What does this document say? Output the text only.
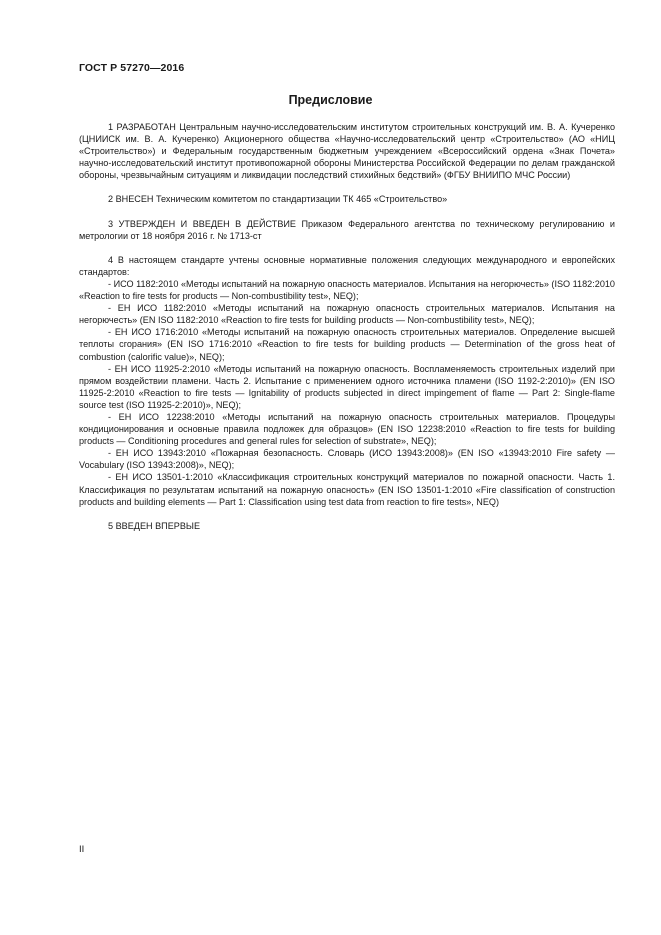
ГОСТ Р 57270—2016
Предисловие

1 РАЗРАБОТАН Центральным научно-исследовательским институтом строительных конструкций им. В. А. Кучеренко (ЦНИИСК им. В. А. Кучеренко) Акционерного общества «Научно-исследовательский центр «Строительство» (АО «НИЦ «Строительство») и Федеральным государственным бюджетным учреждением «Всероссийский ордена «Знак Почета» научно-исследовательский институт противопожарной обороны Министерства Российской Федерации по делам гражданской обороны, чрезвычайным ситуациям и ликвидации последствий стихийных бедствий» (ФГБУ ВНИИПО МЧС России)

2 ВНЕСЕН Техническим комитетом по стандартизации ТК 465 «Строительство»

3 УТВЕРЖДЕН И ВВЕДЕН В ДЕЙСТВИЕ Приказом Федерального агентства по техническому регулированию и метрологии от 18 ноября 2016 г. № 1713-ст

4 В настоящем стандарте учтены основные нормативные положения следующих международного и европейских стандартов:

- ИСО 1182:2010 «Методы испытаний на пожарную опасность материалов. Испытания на негорючесть» (ISO 1182:2010 «Reaction to fire tests for products — Non-combustibility test», NEQ);

- ЕН ИСО 1182:2010 «Методы испытаний на пожарную опасность строительных материалов. Испытания на негорючесть» (EN ISO 1182:2010 «Reaction to fire tests for building products — Non-combustibility test», NEQ);

- ЕН ИСО 1716:2010 «Методы испытаний на пожарную опасность строительных материалов. Определение высшей теплоты сгорания» (EN ISO 1716:2010 «Reaction to fire tests for building products — Determination of the gross heat of combustion (calorific value)», NEQ);

- ЕН ИСО 11925-2:2010 «Методы испытаний на пожарную опасность. Воспламеняемость строительных изделий при прямом воздействии пламени. Часть 2. Испытание с применением одного источника пламени (ISO 1192-2:2010)» (EN ISO 11925-2:2010 «Reaction to fire tests — Ignitability of products subjected in direct impingement of flame — Part 2: Single-flame source test (ISO 11925-2:2010)», NEQ);

- ЕН ИСО 12238:2010 «Методы испытаний на пожарную опасность строительных материалов. Процедуры кондиционирования и основные правила подложек для образцов» (EN ISO 12238:2010 «Reaction to fire tests for building products — Conditioning procedures and general rules for selection of substrate», NEQ);

- ЕН ИСО 13943:2010 «Пожарная безопасность. Словарь (ИСО 13943:2008)» (EN ISO «13943:2010 Fire safety — Vocabulary (ISO 13943:2008)», NEQ);

- ЕН ИСО 13501-1:2010 «Классификация строительных конструкций материалов по пожарной опасности. Часть 1. Классификация по результатам испытаний на пожарную опасность» (EN ISO 13501-1:2010 «Fire classification of construction products and building elements — Part 1: Classification using test data from reaction to fire tests», NEQ)

5 ВВЕДЕН ВПЕРВЫЕ

II
